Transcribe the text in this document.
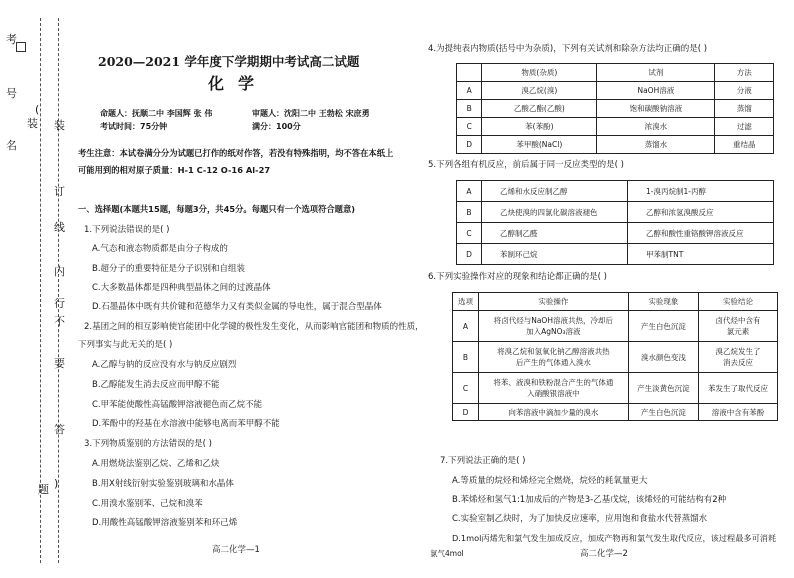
考
号
名
(
装 装
订
线
内
不
要
答
题 )
行
2020—2021 学年度下学期期中考试高二试题
化学
命题人：抚顺二中 李国辉 张 伟	审题人：沈阳二中 王勃松 宋庶勇
考试时间：75分钟	满分：100分
考生注意：本试卷满分分为试题已打作的纸对作答，若没有特殊指明，均不答在本纸上
可能用到的相对原子质量：H-1 C-12 O-16 Al-27
一、选择题(本题共15题，每题3分，共45分。每题只有一个选项符合题意)
1.下列说法错误的是( )
A.气态和液态物质都是由分子构成的
B.超分子的重要特征是分子识别和自组装
C.大多数晶体都是四种典型晶体之间的过渡晶体
D.石墨晶体中既有共价键和范德华力又有类似金属的导电性，属于混合型晶体
2.基团之间的相互影响使官能团中化学键的极性发生变化，从而影响官能团和物质的性质，
下列事实与此无关的是( )
A.乙醇与钠的反应没有水与钠反应剧烈
B.乙醇能发生消去反应而甲醇不能
C.甲苯能使酸性高锰酸钾溶液褪色而乙烷不能
D.苯酚中的羟基在水溶液中能够电离而苯甲醇不能
3.下列物质鉴别的方法错误的是( )
A.用燃烧法鉴别乙烷、乙烯和乙炔
B.用X射线衍射实验鉴别玻璃和水晶体
C.用溴水鉴别苯、己烷和溴苯
D.用酸性高锰酸钾溶液鉴别苯和环己烯
高二化学—1
4.为提纯表内物质(括号中为杂质)，下列有关试剂和除杂方法均正确的是( )
	物质(杂质)	试剂	方法
A	溴乙烷(溴)	NaOH溶液	分液
B	乙酸乙酯(乙酸)	饱和碳酸钠溶液	蒸馏
C	苯(苯酚)	浓溴水	过滤
D	苯甲酸(NaCl)	蒸馏水	重结晶
5.下列各组有机反应，前后属于同一反应类型的是( )
A	乙烯和水反应制乙醇	1-溴丙烷制1-丙醇
B	乙炔使溴的四氯化碳溶液褪色	乙醇和浓氢溴酸反应
C	乙醇制乙醛	乙醇和酸性重铬酸钾溶液反应
D	苯制环己烷	甲苯制TNT
6.下列实验操作对应的现象和结论都正确的是( )
选项	实验操作	实验现象	实验结论
A	将卤代烃与NaOH溶液共热，冷却后
加入AgNO₃溶液	产生白色沉淀	卤代烃中含有
氯元素
B	将溴乙烷和氢氧化钠乙醇溶液共热
后产生的气体通入溴水	溴水颜色变浅	溴乙烷发生了
消去反应
C	将苯、液溴和铁粉混合产生的气体通
入硝酸银溶液中	产生淡黄色沉淀	苯发生了取代反应
D	向苯溶液中滴加少量的溴水	产生白色沉淀	溶液中含有苯酚
7.下列说法正确的是( )
A.等质量的烷烃和烯烃完全燃烧，烷烃的耗氧量更大
B.苯烯烃和氢气1:1加成后的产物是3-乙基戊烷，该烯烃的可能结构有2种
C.实验室制乙炔时，为了加快反应速率，应用饱和食盐水代替蒸馏水
D.1mol丙烯先和氯气发生加成反应，加成产物再和氯气发生取代反应，该过程最多可消耗
氯气4mol	高二化学—2
